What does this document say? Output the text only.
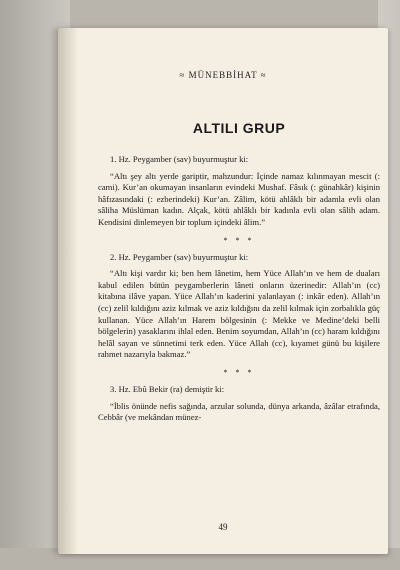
≈ MÜNEBBİHAT ≈
ALTILI GRUP

1. Hz. Peygamber (sav) buyurmuştur ki:

“Altı şey altı yerde gariptir, mahzundur: İçinde namaz kılınmayan mescit (: cami). Kur’an okumayan insanların evindeki Mushaf. Fâsık (: günahkâr) kişinin hâfızasındaki (: ezberindeki) Kur’an. Zâlim, kötü ahlâklı bir adamla evli olan sâliha Müslüman kadın. Alçak, kötü ahlâklı bir kadınla evli olan sâlih adam. Kendisini dinlemeyen bir toplum içindeki âlim.”

* * *

2. Hz. Peygamber (sav) buyurmuştur ki:

“Altı kişi vardır ki; ben hem lânetim, hem Yüce Allah’ın ve hem de duaları kabul edilen bütün peygamberlerin lâneti onların üzerinedir: Allah’ın (cc) kitabına ilâve yapan. Yüce Allah’ın kaderini yalanlayan (: inkâr eden). Allah’ın (cc) zelil kıldığını aziz kılmak ve aziz kıldığını da zelil kılmak için zorbalıkla güç kullanan. Yüce Allah’ın Harem bölgesinin (: Mekke ve Medine’deki belli bölgelerin) yasaklarını ihlal eden. Benim soyumdan, Allah’ın (cc) haram kıldığını helâl sayan ve sünnetimi terk eden. Yüce Allah (cc), kıyamet günü bu kişilere rahmet nazarıyla bakmaz.”

* * *

3. Hz. Ebû Bekir (ra) demiştir ki:

“İblis önünde nefis sağında, arzular solunda, dünya arkanda, âzâlar etrafında, Cebbâr (ve mekândan münez-

49
